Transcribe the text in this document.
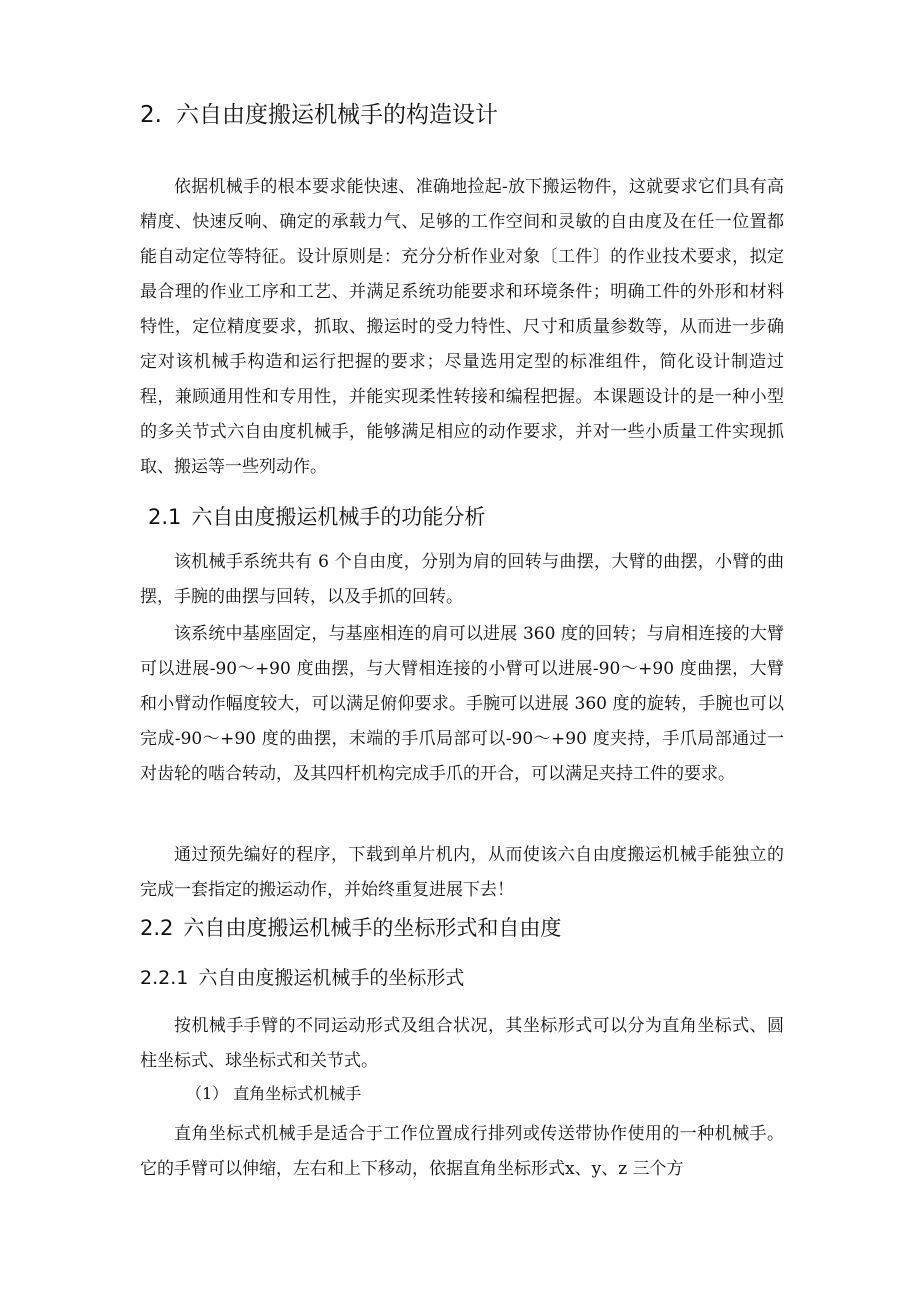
2. 六自由度搬运机械手的构造设计

依据机械手的根本要求能快速、准确地捡起-放下搬运物件，这就要求它们具有高精度、快速反响、确定的承载力气、足够的工作空间和灵敏的自由度及在任一位置都能自动定位等特征。设计原则是：充分分析作业对象〔工件〕的作业技术要求，拟定最合理的作业工序和工艺、并满足系统功能要求和环境条件；明确工件的外形和材料特性，定位精度要求，抓取、搬运时的受力特性、尺寸和质量参数等，从而进一步确定对该机械手构造和运行把握的要求；尽量选用定型的标准组件，简化设计制造过程，兼顾通用性和专用性，并能实现柔性转接和编程把握。本课题设计的是一种小型的多关节式六自由度机械手，能够满足相应的动作要求，并对一些小质量工件实现抓取、搬运等一些列动作。

2.1 六自由度搬运机械手的功能分析

该机械手系统共有 6 个自由度，分别为肩的回转与曲摆，大臂的曲摆，小臂的曲摆，手腕的曲摆与回转，以及手抓的回转。

该系统中基座固定，与基座相连的肩可以进展 360 度的回转；与肩相连接的大臂可以进展-90～+90 度曲摆，与大臂相连接的小臂可以进展-90～+90 度曲摆，大臂和小臂动作幅度较大，可以满足俯仰要求。手腕可以进展 360 度的旋转，手腕也可以完成-90～+90 度的曲摆，末端的手爪局部可以-90～+90 度夹持，手爪局部通过一对齿轮的啮合转动，及其四杆机构完成手爪的开合，可以满足夹持工件的要求。

通过预先编好的程序，下载到单片机内，从而使该六自由度搬运机械手能独立的完成一套指定的搬运动作，并始终重复进展下去！

2.2 六自由度搬运机械手的坐标形式和自由度
2.2.1 六自由度搬运机械手的坐标形式

按机械手手臂的不同运动形式及组合状况，其坐标形式可以分为直角坐标式、圆柱坐标式、球坐标式和关节式。

（1） 直角坐标式机械手

直角坐标式机械手是适合于工作位置成行排列或传送带协作使用的一种机械手。它的手臂可以伸缩，左右和上下移动，依据直角坐标形式x、y、z 三个方
